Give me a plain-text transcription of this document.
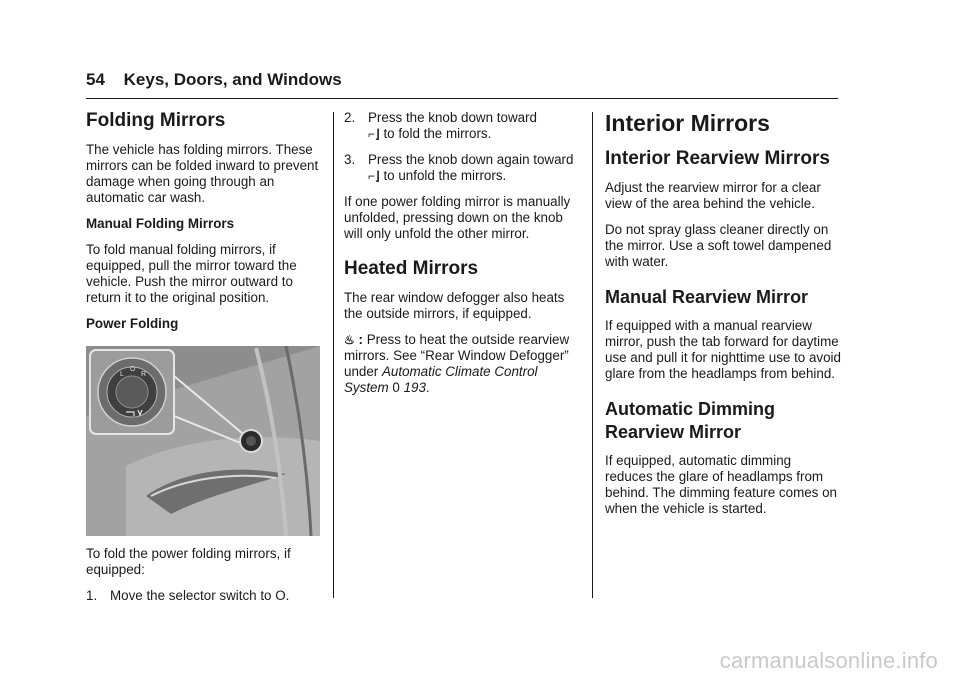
54 Keys, Doors, and Windows
Folding Mirrors

The vehicle has folding mirrors. These mirrors can be folded inward to prevent damage when going through an automatic car wash.

Manual Folding Mirrors

To fold manual folding mirrors, if equipped, pull the mirror toward the vehicle. Push the mirror outward to return it to the original position.

Power Folding

L
O
R

To fold the power folding mirrors, if equipped:

1. Move the selector switch to O.
2. Press the knob down toward
⌐⌋ to fold the mirrors.
3. Press the knob down again toward ⌐⌋ to unfold the mirrors.

If one power folding mirror is manually unfolded, pressing down on the knob will only unfold the other mirror.

Heated Mirrors

The rear window defogger also heats the outside mirrors, if equipped.

♨ : Press to heat the outside rearview mirrors. See “Rear Window Defogger” under Automatic Climate Control System 0 193.

Interior Mirrors
Interior Rearview Mirrors

Adjust the rearview mirror for a clear view of the area behind the vehicle.

Do not spray glass cleaner directly on the mirror. Use a soft towel dampened with water.

Manual Rearview Mirror

If equipped with a manual rearview mirror, push the tab forward for daytime use and pull it for nighttime use to avoid glare from the headlamps from behind.

Automatic Dimming Rearview Mirror

If equipped, automatic dimming reduces the glare of headlamps from behind. The dimming feature comes on when the vehicle is started.

carmanualsonline.info
